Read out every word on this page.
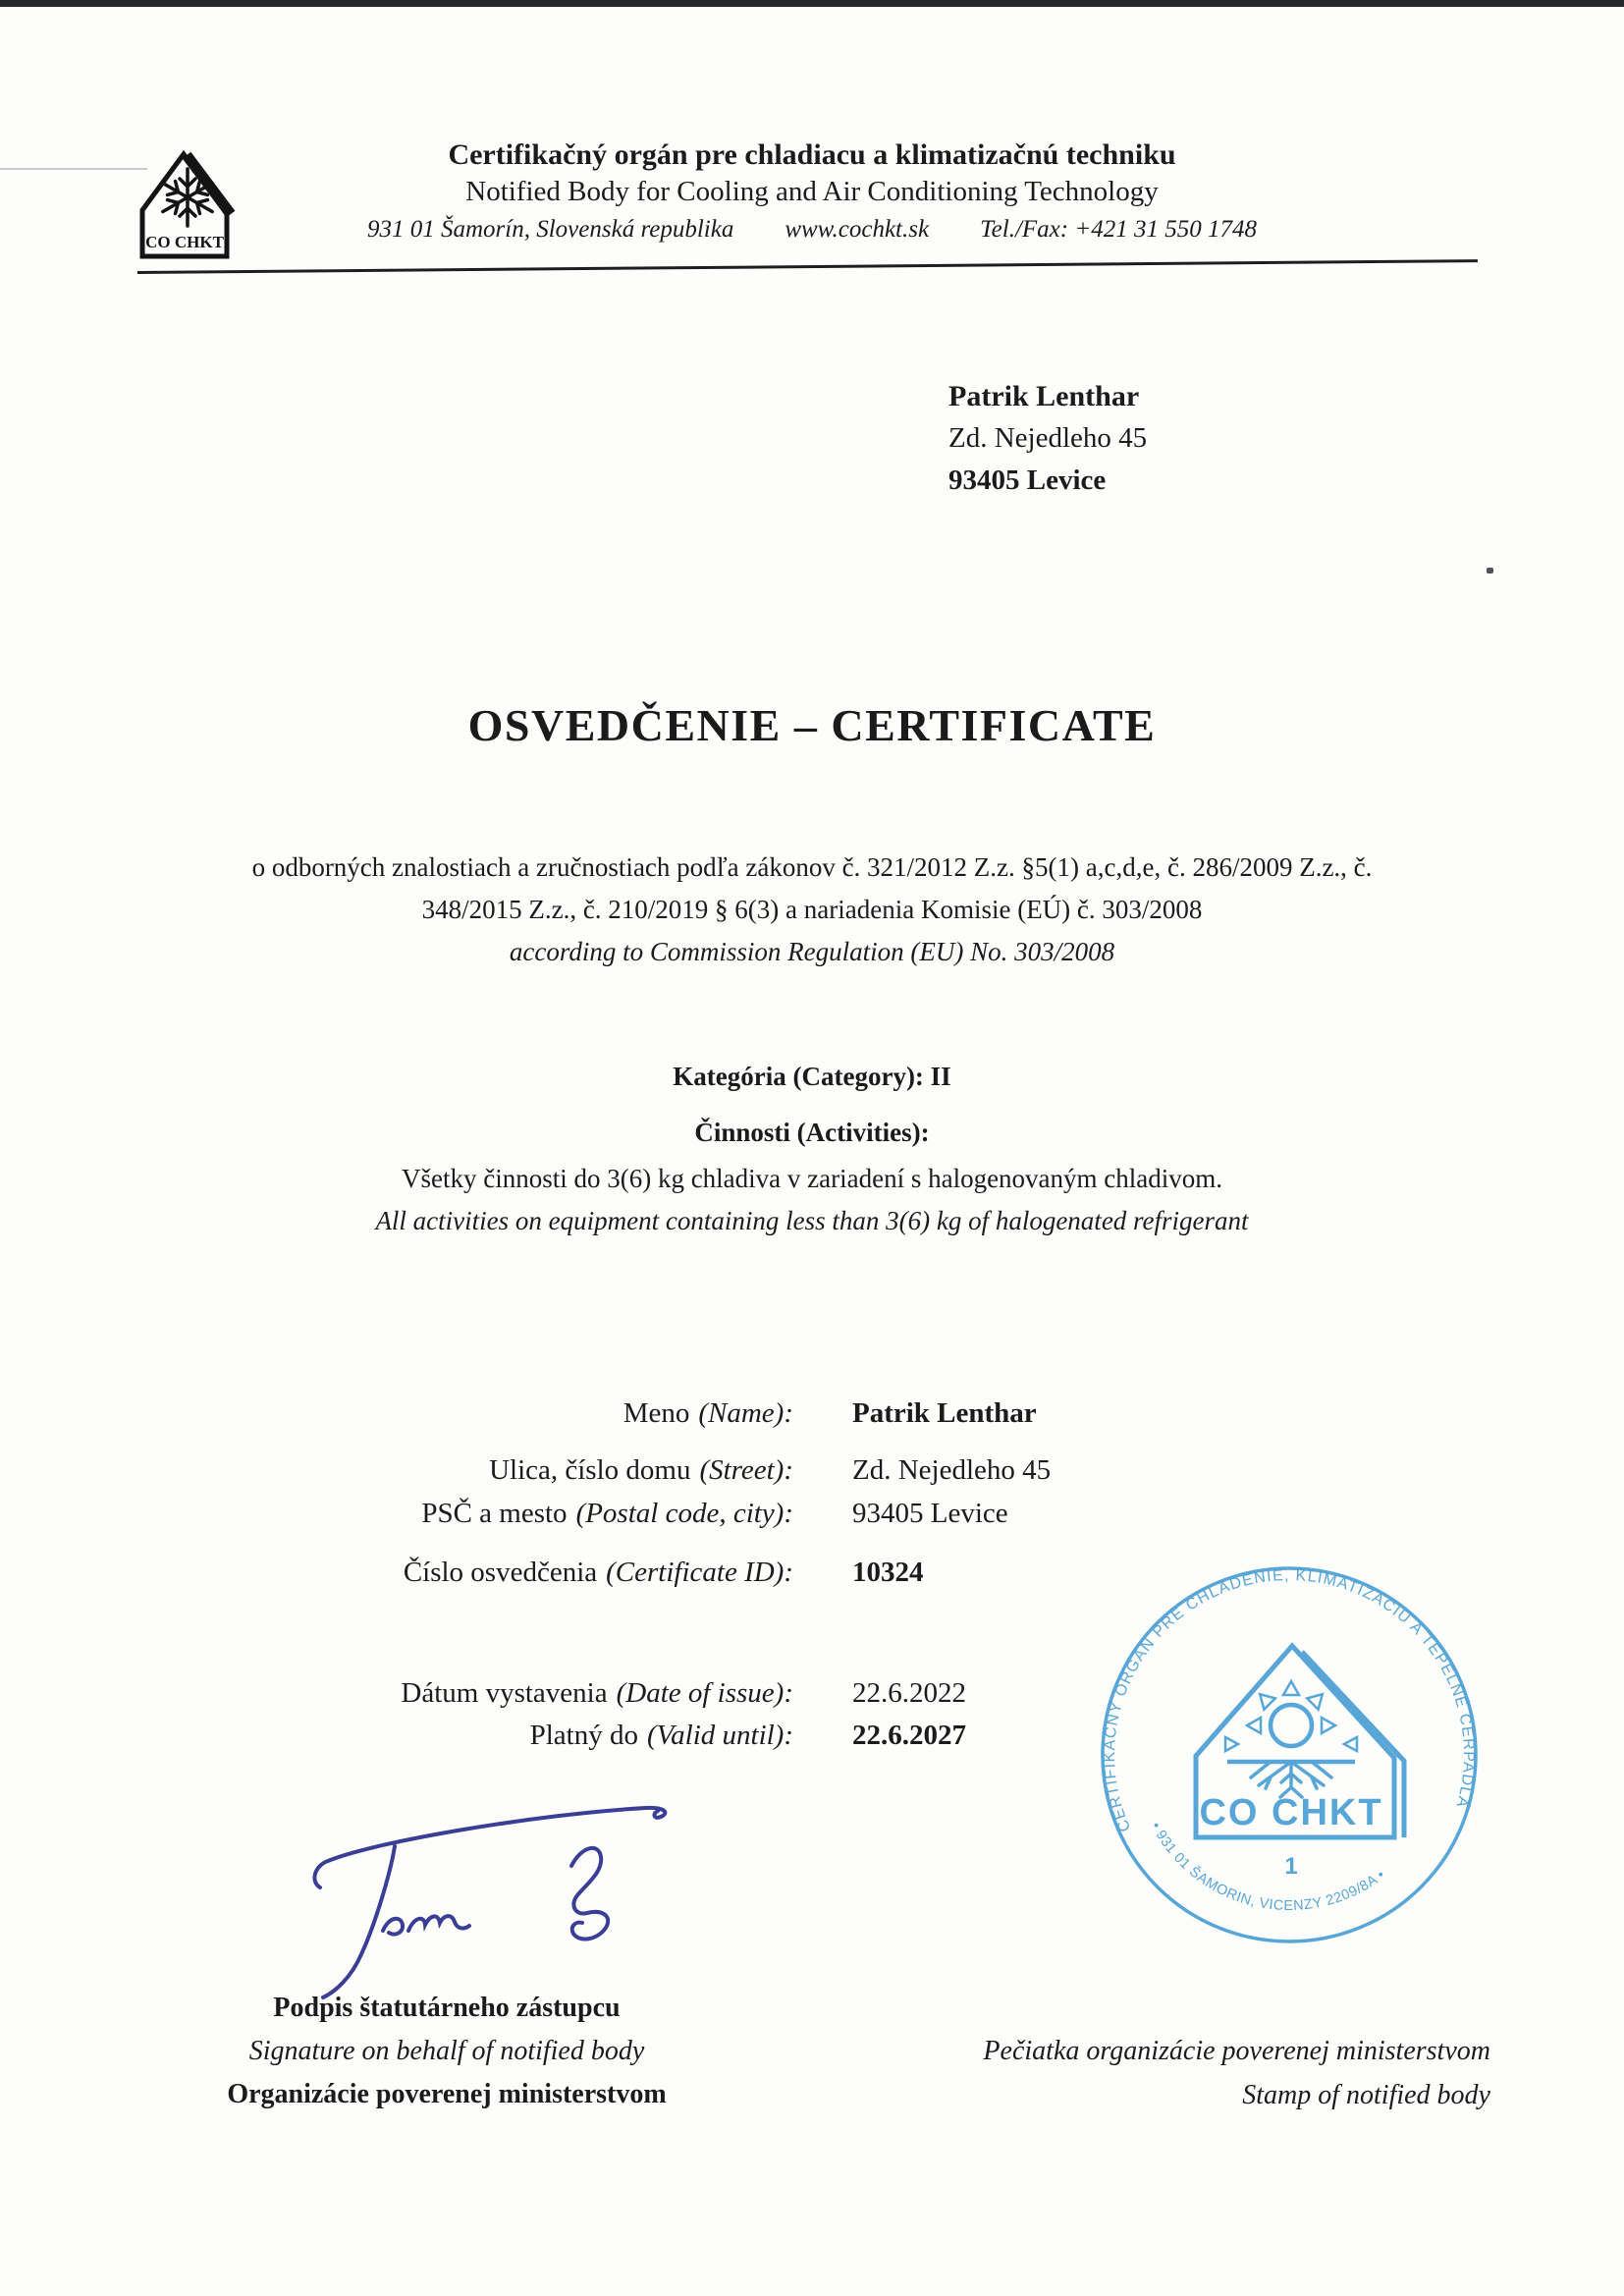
CO CHKT
Certifikačný orgán pre chladiacu a klimatizačnú techniku
Notified Body for Cooling and Air Conditioning Technology
931 01 Šamorín, Slovenská republika www.cochkt.sk Tel./Fax: +421 31 550 1748
Patrik Lenthar
Zd. Nejedleho 45
93405 Levice
OSVEDČENIE – CERTIFICATE
o odborných znalostiach a zručnostiach podľa zákonov č. 321/2012 Z.z. §5(1) a,c,d,e, č. 286/2009 Z.z., č.
348/2015 Z.z., č. 210/2019 § 6(3) a nariadenia Komisie (EÚ) č. 303/2008
according to Commission Regulation (EU) No. 303/2008
Kategória (Category): II
Činnosti (Activities):
Všetky činnosti do 3(6) kg chladiva v zariadení s halogenovaným chladivom.
All activities on equipment containing less than 3(6) kg of halogenated refrigerant
Meno (Name): Patrik Lenthar
Ulica, číslo domu (Street): Zd. Nejedleho 45
PSČ a mesto (Postal code, city): 93405 Levice
Číslo osvedčenia (Certificate ID): 10324
Dátum vystavenia (Date of issue): 22.6.2022
Platný do (Valid until): 22.6.2027
CERTIFIKAČNÝ ORGÁN PRE CHLADENIE, KLIMATIZÁCIU A TEPELNÉ ČERPADLÁ
• 931 01 ŠAMORIN, VICENZY 2209/8A •
CO CHKT
1
Podpis štatutárneho zástupcu
Signature on behalf of notified body
Organizácie poverenej ministerstvom
Pečiatka organizácie poverenej ministerstvom
Stamp of notified body
